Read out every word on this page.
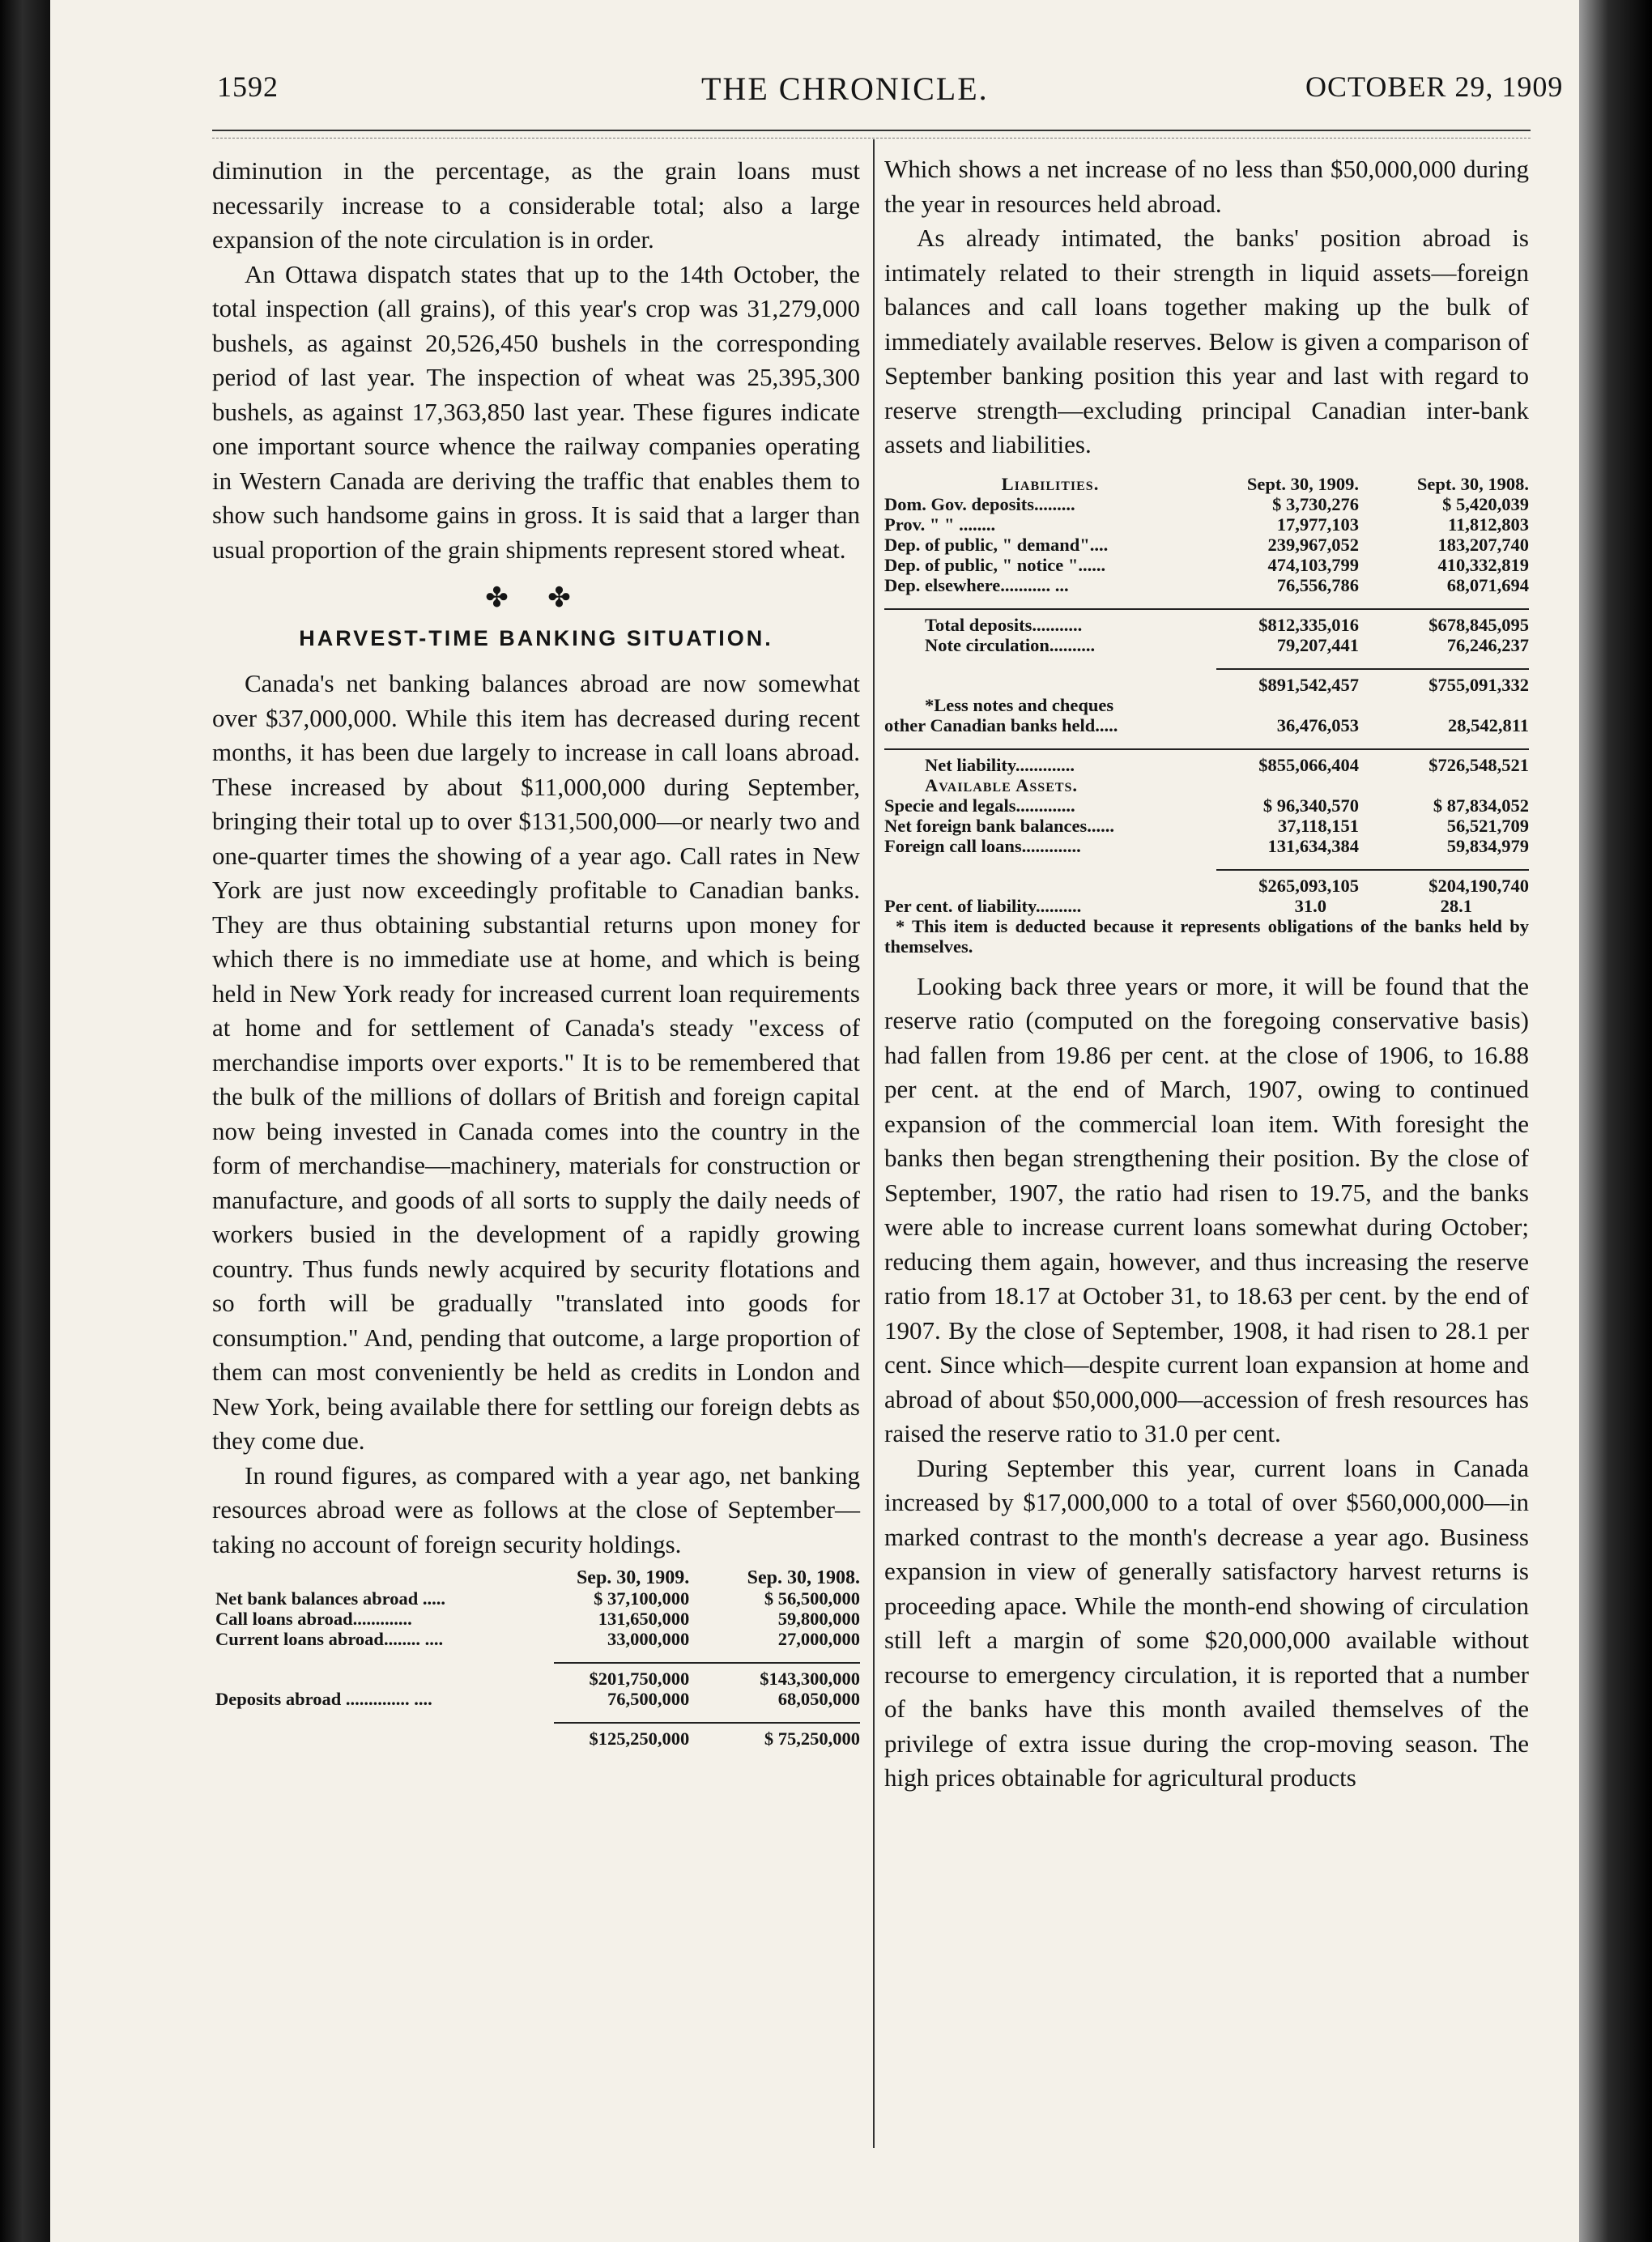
1592	THE CHRONICLE.	OCTOBER 29, 1909

diminution in the percentage, as the grain loans must necessarily increase to a considerable total; also a large expansion of the note circulation is in order.

An Ottawa dispatch states that up to the 14th October, the total inspection (all grains), of this year's crop was 31,279,000 bushels, as against 20,526,450 bushels in the corresponding period of last year. The inspection of wheat was 25,395,300 bushels, as against 17,363,850 last year. These figures indicate one important source whence the railway companies operating in Western Canada are deriving the traffic that enables them to show such handsome gains in gross. It is said that a larger than usual proportion of the grain shipments represent stored wheat.

✤ ✤
HARVEST-TIME BANKING SITUATION.

Canada's net banking balances abroad are now somewhat over $37,000,000. While this item has decreased during recent months, it has been due largely to increase in call loans abroad. These increased by about $11,000,000 during September, bringing their total up to over $131,500,000—or nearly two and one-quarter times the showing of a year ago. Call rates in New York are just now exceedingly profitable to Canadian banks. They are thus obtaining substantial returns upon money for which there is no immediate use at home, and which is being held in New York ready for increased current loan requirements at home and for settlement of Canada's steady "excess of merchandise imports over exports." It is to be remembered that the bulk of the millions of dollars of British and foreign capital now being invested in Canada comes into the country in the form of merchandise—machinery, materials for construction or manufacture, and goods of all sorts to supply the daily needs of workers busied in the development of a rapidly growing country. Thus funds newly acquired by security flotations and so forth will be gradually "translated into goods for consumption." And, pending that outcome, a large proportion of them can most conveniently be held as credits in London and New York, being available there for settling our foreign debts as they come due.

In round figures, as compared with a year ago, net banking resources abroad were as follows at the close of September—taking no account of foreign security holdings.

	Sep. 30, 1909.	Sep. 30, 1908.
Net bank balances abroad .....	$ 37,100,000	$ 56,500,000
Call loans abroad.............	131,650,000	59,800,000
Current loans abroad........ ....	33,000,000	27,000,000

	$201,750,000	$143,300,000
Deposits abroad .............. ....	76,500,000	68,050,000

	$125,250,000	$ 75,250,000

Which shows a net increase of no less than $50,000,000 during the year in resources held abroad.

As already intimated, the banks' position abroad is intimately related to their strength in liquid assets—foreign balances and call loans together making up the bulk of immediately available reserves. Below is given a comparison of September banking position this year and last with regard to reserve strength—excluding principal Canadian inter-bank assets and liabilities.

Liabilities.	Sept. 30, 1909.	Sept. 30, 1908.
Dom. Gov. deposits.........	$ 3,730,276	$ 5,420,039
Prov. " " ........	17,977,103	11,812,803
Dep. of public, " demand"....	239,967,052	183,207,740
Dep. of public, " notice "......	474,103,799	410,332,819
Dep. elsewhere........... ...	76,556,786	68,071,694

Total deposits...........	$812,335,016	$678,845,095
Note circulation..........	79,207,441	76,246,237

	$891,542,457	$755,091,332
*Less notes and cheques		
other Canadian banks held.....	36,476,053	28,542,811

Net liability.............	$855,066,404	$726,548,521
Available Assets.		
Specie and legals.............	$ 96,340,570	$ 87,834,052
Net foreign bank balances......	37,118,151	56,521,709
Foreign call loans.............	131,634,384	59,834,979

	$265,093,105	$204,190,740
Per cent. of liability..........	31.0	28.1

* This item is deducted because it represents obligations of the banks held by themselves.

Looking back three years or more, it will be found that the reserve ratio (computed on the foregoing conservative basis) had fallen from 19.86 per cent. at the close of 1906, to 16.88 per cent. at the end of March, 1907, owing to continued expansion of the commercial loan item. With foresight the banks then began strengthening their position. By the close of September, 1907, the ratio had risen to 19.75, and the banks were able to increase current loans somewhat during October; reducing them again, however, and thus increasing the reserve ratio from 18.17 at October 31, to 18.63 per cent. by the end of 1907. By the close of September, 1908, it had risen to 28.1 per cent. Since which—despite current loan expansion at home and abroad of about $50,000,000—accession of fresh resources has raised the reserve ratio to 31.0 per cent.

During September this year, current loans in Canada increased by $17,000,000 to a total of over $560,000,000—in marked contrast to the month's decrease a year ago. Business expansion in view of generally satisfactory harvest returns is proceeding apace. While the month-end showing of circulation still left a margin of some $20,000,000 available without recourse to emergency circulation, it is reported that a number of the banks have this month availed themselves of the privilege of extra issue during the crop-moving season. The high prices obtainable for agricultural products
